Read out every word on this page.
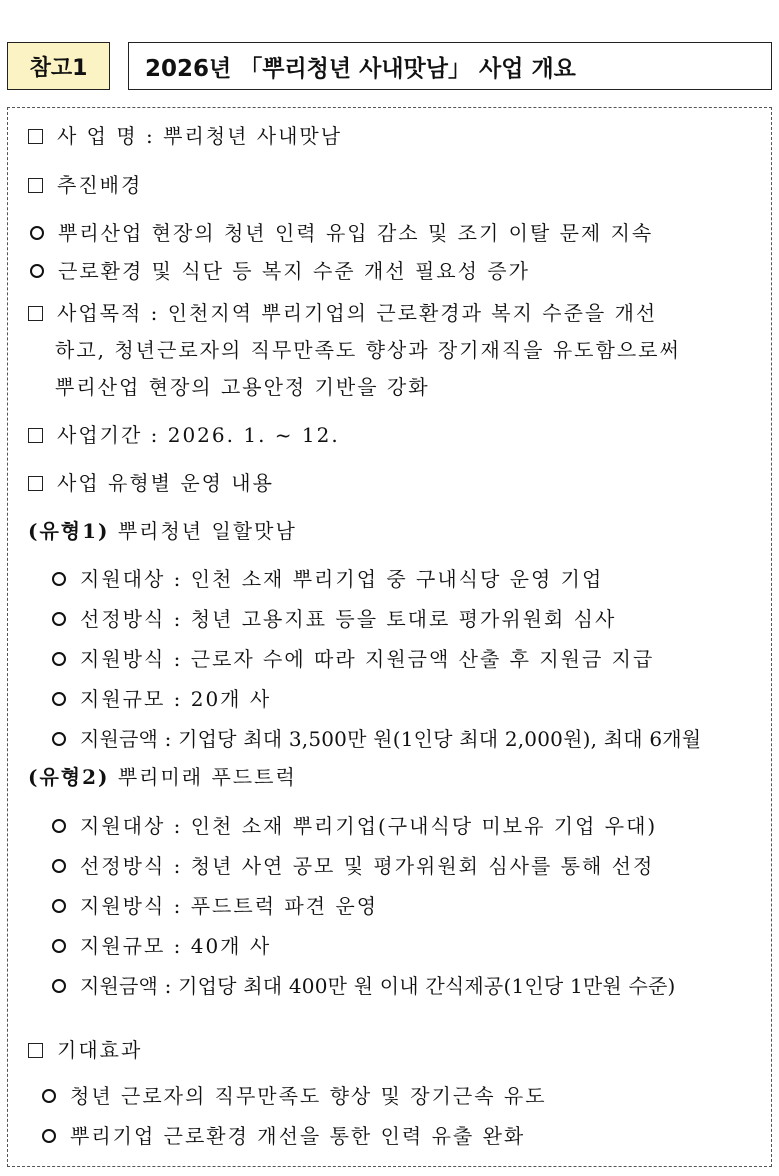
참고1	2026년 「뿌리청년 사내맛남」 사업 개요
사 업 명 : 뿌리청년 사내맛남
추진배경
뿌리산업 현장의 청년 인력 유입 감소 및 조기 이탈 문제 지속
근로환경 및 식단 등 복지 수준 개선 필요성 증가
사업목적 : 인천지역 뿌리기업의 근로환경과 복지 수준을 개선
하고, 청년근로자의 직무만족도 향상과 장기재직을 유도함으로써
뿌리산업 현장의 고용안정 기반을 강화
사업기간 : 2026. 1. ~ 12.
사업 유형별 운영 내용
(유형1) 뿌리청년 일할맛남
지원대상 : 인천 소재 뿌리기업 중 구내식당 운영 기업
선정방식 : 청년 고용지표 등을 토대로 평가위원회 심사
지원방식 : 근로자 수에 따라 지원금액 산출 후 지원금 지급
지원규모 : 20개 사
지원금액 : 기업당 최대 3,500만 원(1인당 최대 2,000원), 최대 6개월
(유형2) 뿌리미래 푸드트럭
지원대상 : 인천 소재 뿌리기업(구내식당 미보유 기업 우대)
선정방식 : 청년 사연 공모 및 평가위원회 심사를 통해 선정
지원방식 : 푸드트럭 파견 운영
지원규모 : 40개 사
지원금액 : 기업당 최대 400만 원 이내 간식제공(1인당 1만원 수준)
기대효과
청년 근로자의 직무만족도 향상 및 장기근속 유도
뿌리기업 근로환경 개선을 통한 인력 유출 완화
